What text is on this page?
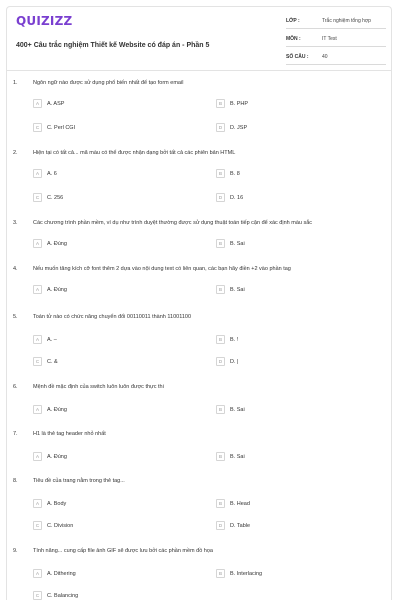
QUIZIZZ
400+ Câu trắc nghiệm Thiết kế Website có đáp án - Phần 5
LỚP :	Trắc nghiệm tổng hợp
MÔN :	IT Test
SỐ CÂU :	40
1.	Ngôn ngữ nào được sử dụng phổ biến nhất để tạo form email
A	A. ASP	B	B. PHP
C	C. Perl CGI	D	D. JSP
2.	Hiện tại có tất cả... mã màu có thể được nhận dạng bởi tất cả các phiên bản HTML
A	A. 6	B	B. 8
C	C. 256	D	D. 16
3.	Các chương trình phần mềm, ví dụ như trình duyệt thường được sử dụng thuật toán tiếp cận để xác định màu sắc
A	A. Đúng	B	B. Sai
4.	Nếu muốn tăng kích cỡ font thêm 2 dựa vào nội dung text có liên quan, các bạn hãy điền +2 vào phần tag
A	A. Đúng	B	B. Sai
5.	Toán tử nào có chức năng chuyển đổi 00110011 thành 11001100
A	A. –	B	B. !
C	C. &	D	D. |
6.	Mệnh đề mặc định của switch luôn luôn được thực thi
A	A. Đúng	B	B. Sai
7.	H1 là thẻ tag header nhỏ nhất
A	A. Đúng	B	B. Sai
8.	Tiêu đề của trang nằm trong thẻ tag...
A	A. Body	B	B. Head
C	C. Division	D	D. Table
9.	Tính năng... cung cấp file ảnh GIF sẽ được lưu bởi các phần mềm đồ họa
A	A. Dithering	B	B. Interlacing
C	C. Balancing
